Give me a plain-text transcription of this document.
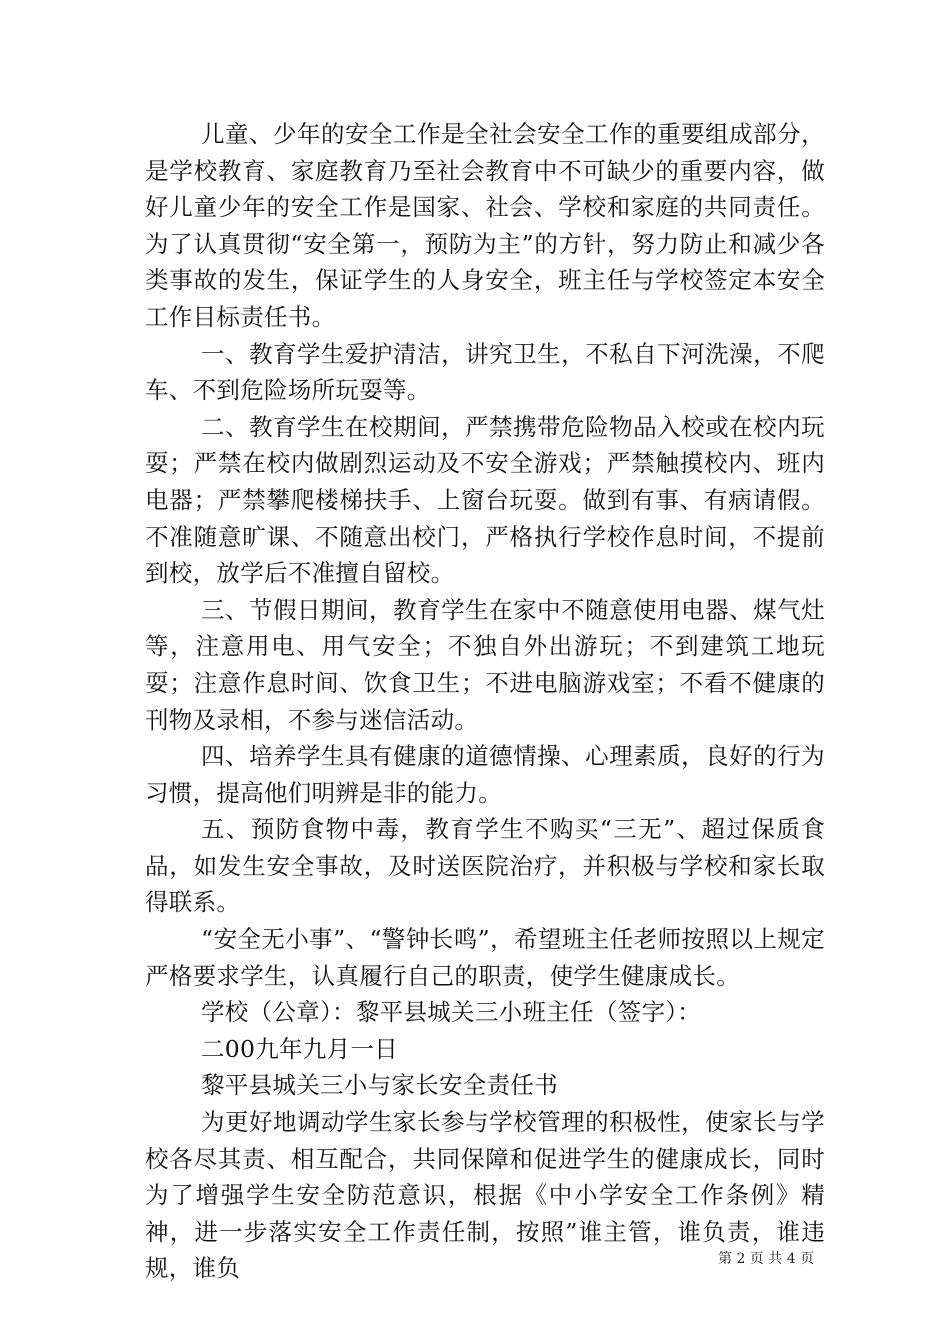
儿童、少年的安全工作是全社会安全工作的重要组成部分，是学校教育、家庭教育乃至社会教育中不可缺少的重要内容，做好儿童少年的安全工作是国家、社会、学校和家庭的共同责任。为了认真贯彻“安全第一，预防为主”的方针，努力防止和减少各类事故的发生，保证学生的人身安全，班主任与学校签定本安全工作目标责任书。

一、教育学生爱护清洁，讲究卫生，不私自下河洗澡，不爬车、不到危险场所玩耍等。

二、教育学生在校期间，严禁携带危险物品入校或在校内玩耍；严禁在校内做剧烈运动及不安全游戏；严禁触摸校内、班内电器；严禁攀爬楼梯扶手、上窗台玩耍。做到有事、有病请假。不准随意旷课、不随意出校门，严格执行学校作息时间，不提前到校，放学后不准擅自留校。

三、节假日期间，教育学生在家中不随意使用电器、煤气灶等，注意用电、用气安全；不独自外出游玩；不到建筑工地玩耍；注意作息时间、饮食卫生；不进电脑游戏室；不看不健康的刊物及录相，不参与迷信活动。

四、培养学生具有健康的道德情操、心理素质，良好的行为习惯，提高他们明辨是非的能力。

五、预防食物中毒，教育学生不购买“三无”、超过保质食品，如发生安全事故，及时送医院治疗，并积极与学校和家长取得联系。

“安全无小事”、“警钟长鸣”，希望班主任老师按照以上规定严格要求学生，认真履行自己的职责，使学生健康成长。

学校（公章）：黎平县城关三小班主任（签字）：

二00九年九月一日

黎平县城关三小与家长安全责任书

为更好地调动学生家长参与学校管理的积极性，使家长与学校各尽其责、相互配合，共同保障和促进学生的健康成长，同时为了增强学生安全防范意识，根据《中小学安全工作条例》精神，进一步落实安全工作责任制，按照”谁主管，谁负责，谁违规，谁负	第 2 页 共 4 页
